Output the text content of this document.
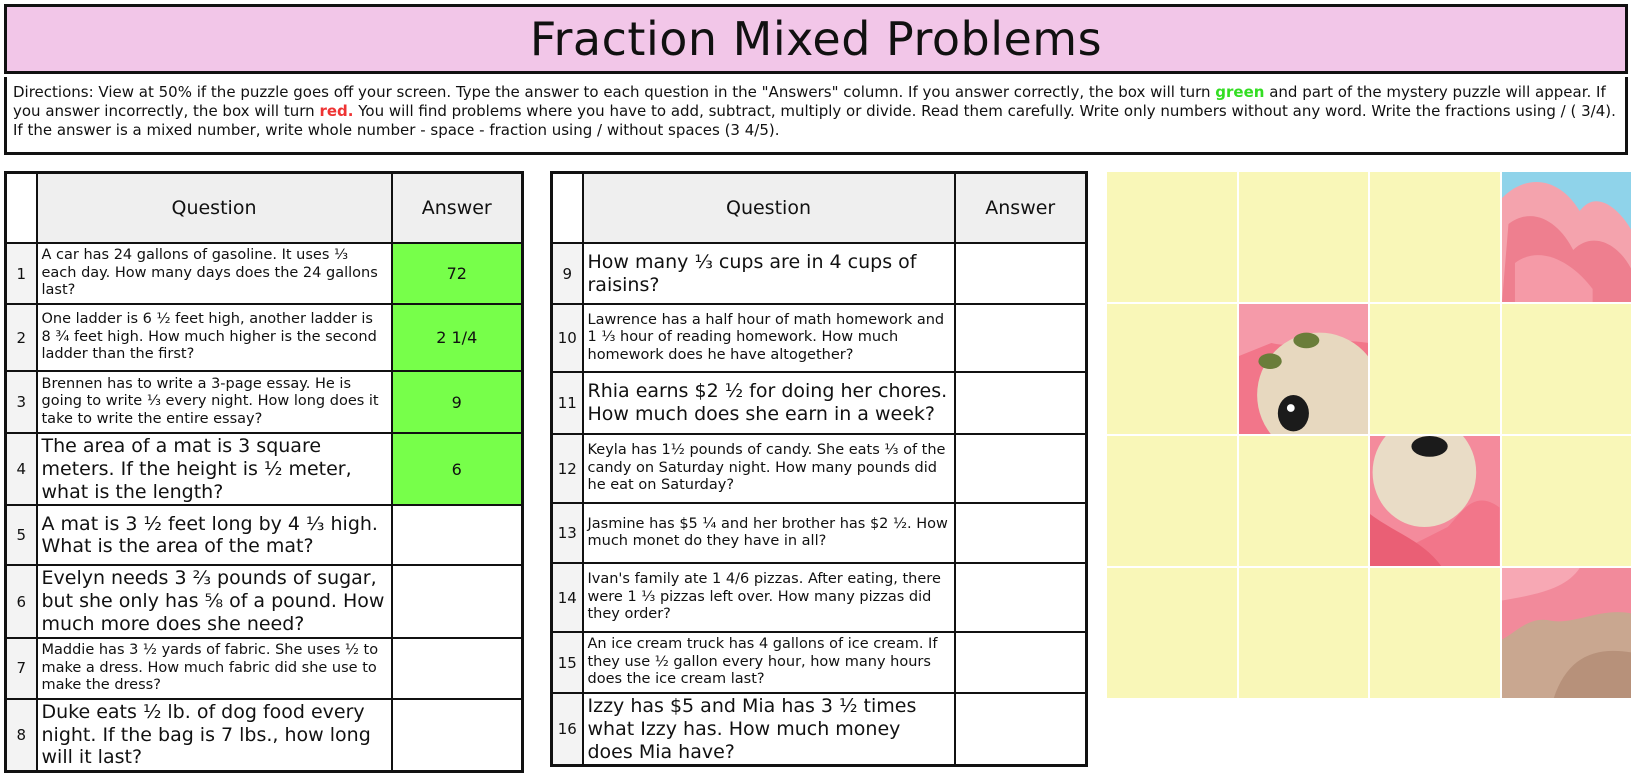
Fraction Mixed Problems
Directions: View at 50% if the puzzle goes off your screen. Type the answer to each question in the "Answers" column. If you answer correctly, the box will turn green and part of the mystery puzzle will appear. If you answer incorrectly, the box will turn red. You will find problems where you have to add, subtract, multiply or divide. Read them carefully. Write only numbers without any word. Write the fractions using / ( 3/4). If the answer is a mixed number, write whole number - space - fraction using / without spaces (3 4/5).
	Question	Answer
1	A car has 24 gallons of gasoline. It uses ⅓ each day. How many days does the 24 gallons last?	72
2	One ladder is 6 ½ feet high, another ladder is 8 ¾ feet high. How much higher is the second ladder than the first?	2 1/4
3	Brennen has to write a 3-page essay. He is going to write ⅓ every night. How long does it take to write the entire essay?	9
4	The area of a mat is 3 square meters. If the height is ½ meter, what is the length?	6
5	A mat is 3 ½ feet long by 4 ⅓ high. What is the area of the mat?	

6	Evelyn needs 3 ⅔ pounds of sugar, but she only has ⅝ of a pound. How much more does she need?	

7	Maddie has 3 ½ yards of fabric. She uses ½ to make a dress. How much fabric did she use to make the dress?	

8	Duke eats ½ lb. of dog food every night. If the bag is 7 lbs., how long will it last?	

	Question	Answer
9	How many ⅓ cups are in 4 cups of raisins?	

10	Lawrence has a half hour of math homework and 1 ⅓ hour of reading homework. How much homework does he have altogether?	

11	Rhia earns $2 ½ for doing her chores. How much does she earn in a week?	

12	Keyla has 1½ pounds of candy. She eats ⅓ of the candy on Saturday night. How many pounds did he eat on Saturday?	

13	Jasmine has $5 ¼ and her brother has $2 ½. How much monet do they have in all?	

14	Ivan's family ate 1 4/6 pizzas. After eating, there were 1 ⅓ pizzas left over. How many pizzas did they order?	

15	An ice cream truck has 4 gallons of ice cream. If they use ½ gallon every hour, how many hours does the ice cream last?	

16	Izzy has $5 and Mia has 3 ½ times what Izzy has. How much money does Mia have?	
